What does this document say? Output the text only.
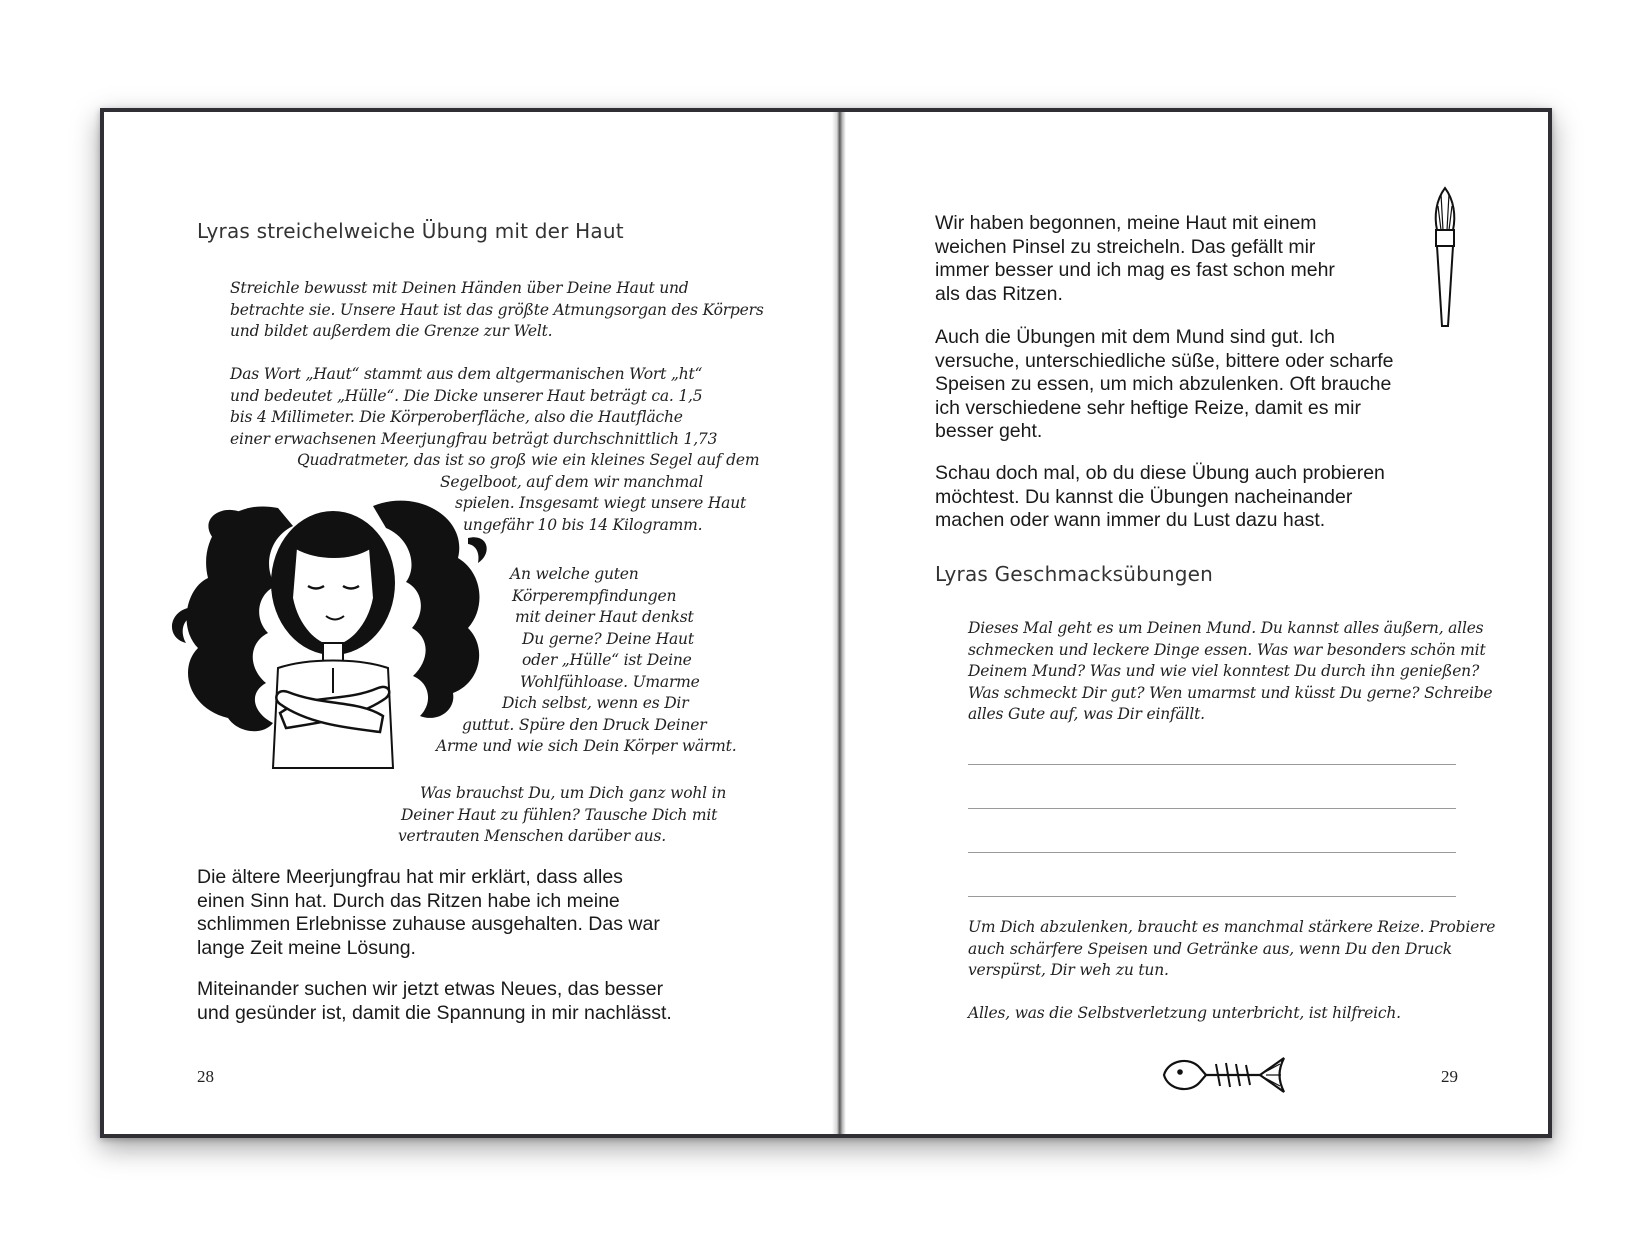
Lyras streichelweiche Übung mit der Haut
Streichle bewusst mit Deinen Händen über Deine Haut und
betrachte sie. Unsere Haut ist das größte Atmungsorgan des Körpers
und bildet außerdem die Grenze zur Welt.
Das Wort „Haut“ stammt aus dem altgermanischen Wort „ht“
und bedeutet „Hülle“. Die Dicke unserer Haut beträgt ca. 1,5
bis 4 Millimeter. Die Körperoberfläche, also die Hautfläche
einer erwachsenen Meerjungfrau beträgt durchschnittlich 1,73
Quadratmeter, das ist so groß wie ein kleines Segel auf dem
Segelboot, auf dem wir manchmal
spielen. Insgesamt wiegt unsere Haut
ungefähr 10 bis 14 Kilogramm.
An welche guten
Körperempfindungen
mit deiner Haut denkst
Du gerne? Deine Haut
oder „Hülle“ ist Deine
Wohlfühloase. Umarme
Dich selbst, wenn es Dir
guttut. Spüre den Druck Deiner
Arme und wie sich Dein Körper wärmt.
Was brauchst Du, um Dich ganz wohl in
Deiner Haut zu fühlen? Tausche Dich mit
vertrauten Menschen darüber aus.
Die ältere Meerjungfrau hat mir erklärt, dass alles
einen Sinn hat. Durch das Ritzen habe ich meine
schlimmen Erlebnisse zuhause ausgehalten. Das war
lange Zeit meine Lösung.
Miteinander suchen wir jetzt etwas Neues, das besser
und gesünder ist, damit die Spannung in mir nachlässt.
28
Wir haben begonnen, meine Haut mit einem
weichen Pinsel zu streicheln. Das gefällt mir
immer besser und ich mag es fast schon mehr
als das Ritzen.
Auch die Übungen mit dem Mund sind gut. Ich
versuche, unterschiedliche süße, bittere oder scharfe
Speisen zu essen, um mich abzulenken. Oft brauche
ich verschiedene sehr heftige Reize, damit es mir
besser geht.
Schau doch mal, ob du diese Übung auch probieren
möchtest. Du kannst die Übungen nacheinander
machen oder wann immer du Lust dazu hast.
Lyras Geschmacksübungen
Dieses Mal geht es um Deinen Mund. Du kannst alles äußern, alles
schmecken und leckere Dinge essen. Was war besonders schön mit
Deinem Mund? Was und wie viel konntest Du durch ihn genießen?
Was schmeckt Dir gut? Wen umarmst und küsst Du gerne? Schreibe
alles Gute auf, was Dir einfällt.
Um Dich abzulenken, braucht es manchmal stärkere Reize. Probiere
auch schärfere Speisen und Getränke aus, wenn Du den Druck
verspürst, Dir weh zu tun.
Alles, was die Selbstverletzung unterbricht, ist hilfreich.
29
